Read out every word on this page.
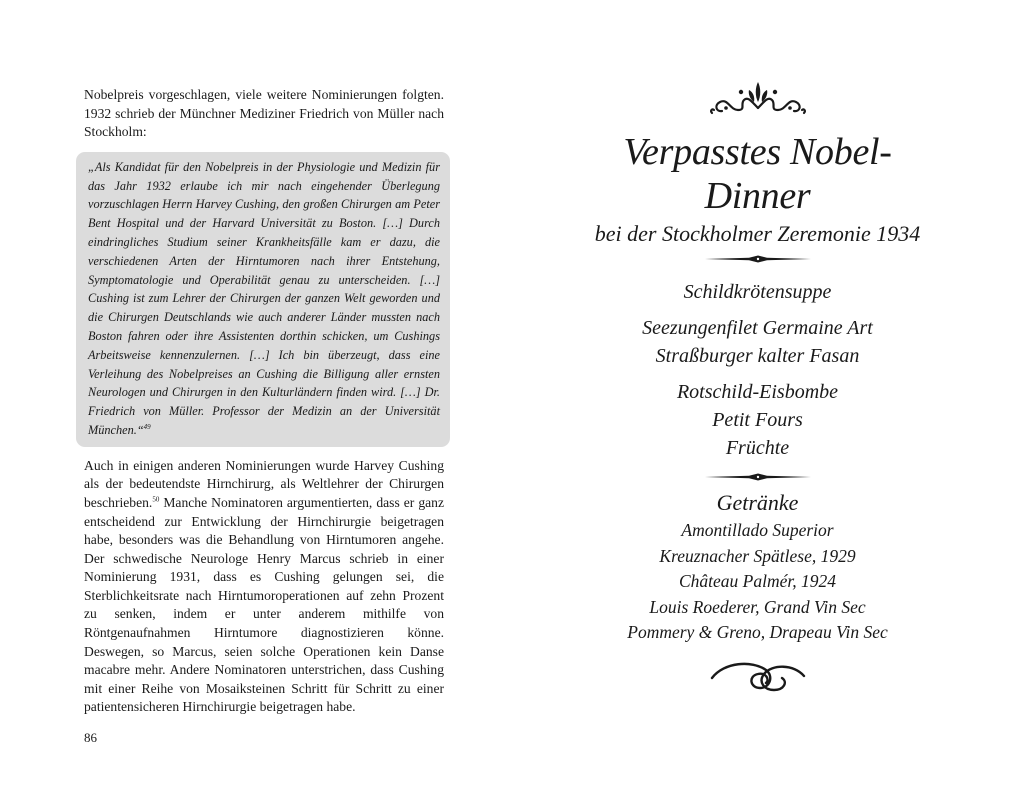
Nobelpreis vorgeschlagen, viele weitere Nominierungen folgten. 1932 schrieb der Münchner Mediziner Friedrich von Müller nach Stockholm:

„Als Kandidat für den Nobelpreis in der Physiologie und Medizin für das Jahr 1932 erlaube ich mir nach eingehender Überlegung vorzuschlagen Herrn Harvey Cushing, den großen Chirurgen am Peter Bent Hospital und der Harvard Universität zu Boston. […] Durch eindringliches Studium seiner Krankheitsfälle kam er dazu, die verschiedenen Arten der Hirntumoren nach ihrer Entstehung, Symptomatologie und Operabilität genau zu unterscheiden. […] Cushing ist zum Lehrer der Chirurgen der ganzen Welt geworden und die Chirurgen Deutschlands wie auch anderer Länder mussten nach Boston fahren oder ihre Assistenten dorthin schicken, um Cushings Arbeitsweise kennenzulernen. […] Ich bin überzeugt, dass eine Verleihung des Nobelpreises an Cushing die Billigung aller ernsten Neurologen und Chirurgen in den Kulturländern finden wird. […] Dr. Friedrich von Müller. Professor der Medizin an der Universität München.“$^{49}$

Auch in einigen anderen Nominierungen wurde Harvey Cushing als der bedeutendste Hirnchirurg, als Weltlehrer der Chirurgen beschrieben.$^{50}$ Manche Nominatoren argumentierten, dass er ganz entscheidend zur Entwicklung der Hirnchirurgie beigetragen habe, besonders was die Behandlung von Hirntumoren angehe. Der schwedische Neurologe Henry Marcus schrieb in einer Nominierung 1931, dass es Cushing gelungen sei, die Sterblichkeitsrate nach Hirntumoroperationen auf zehn Prozent zu senken, indem er unter anderem mithilfe von Röntgenaufnahmen Hirntumore diagnostizieren könne. Deswegen, so Marcus, seien solche Operationen kein Danse macabre mehr. Andere Nominatoren unterstrichen, dass Cushing mit einer Reihe von Mosaiksteinen Schritt für Schritt zu einer patientensicheren Hirnchirurgie beigetragen habe.

86
Verpasstes Nobel-Dinner
bei der Stockholmer Zeremonie 1934
Schildkrötensuppe
Seezungenfilet Germaine Art
Straßburger kalter Fasan
Rotschild-Eisbombe
Petit Fours
Früchte
Getränke
Amontillado Superior
Kreuznacher Spätlese, 1929
Château Palmér, 1924
Louis Roederer, Grand Vin Sec
Pommery & Greno, Drapeau Vin Sec
